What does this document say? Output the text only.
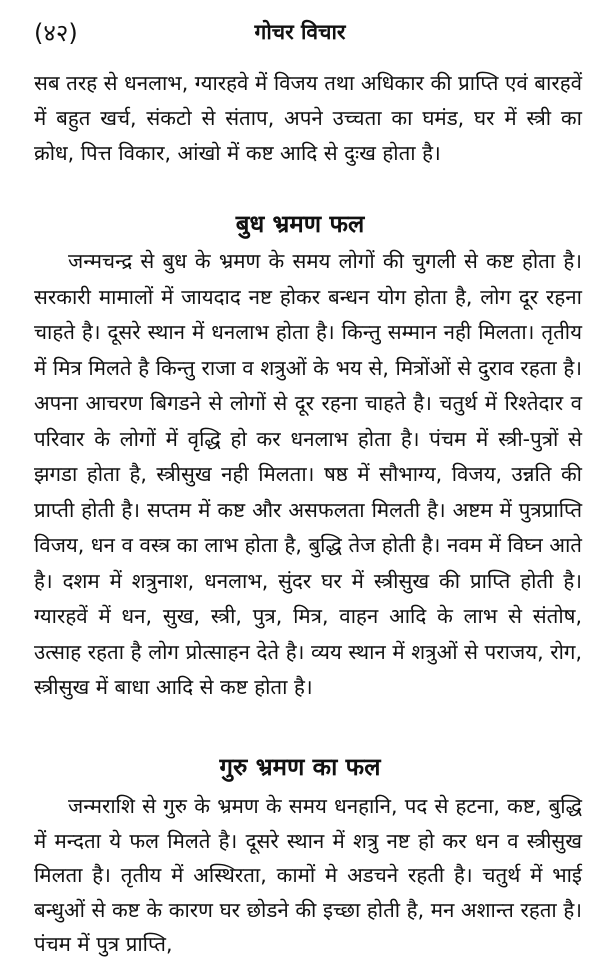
(४२)	गोचर विचार

सब तरह से धनलाभ, ग्यारहवे में विजय तथा अधिकार की प्राप्ति एवं बारहवें में बहुत खर्च, संकटो से संताप, अपने उच्चता का घमंड, घर में स्त्री का क्रोध, पित्त विकार, आंखो में कष्ट आदि से दुःख होता है।

बुध भ्रमण फल

जन्मचन्द्र से बुध के भ्रमण के समय लोगों की चुगली से कष्ट होता है। सरकारी मामालों में जायदाद नष्ट होकर बन्धन योग होता है, लोग दूर रहना चाहते है। दूसरे स्थान में धनलाभ होता है। किन्तु सम्मान नही मिलता। तृतीय में मित्र मिलते है किन्तु राजा व शत्रुओं के भय से, मित्रोंओं से दुराव रहता है। अपना आचरण बिगडने से लोगों से दूर रहना चाहते है। चतुर्थ में रिश्तेदार व परिवार के लोगों में वृद्धि हो कर धनलाभ होता है। पंचम में स्त्री-पुत्रों से झगडा होता है, स्त्रीसुख नही मिलता। षष्ठ में सौभाग्य, विजय, उन्नति की प्राप्ती होती है। सप्तम में कष्ट और असफलता मिलती है। अष्टम में पुत्रप्राप्ति विजय, धन व वस्त्र का लाभ होता है, बुद्धि तेज होती है। नवम में विघ्न आते है। दशम में शत्रुनाश, धनलाभ, सुंदर घर में स्त्रीसुख की प्राप्ति होती है। ग्यारहवें में धन, सुख, स्त्री, पुत्र, मित्र, वाहन आदि के लाभ से संतोष, उत्साह रहता है लोग प्रोत्साहन देते है। व्यय स्थान में शत्रुओं से पराजय, रोग, स्त्रीसुख में बाधा आदि से कष्ट होता है।

गुरु भ्रमण का फल

जन्मराशि से गुरु के भ्रमण के समय धनहानि, पद से हटना, कष्ट, बुद्धि में मन्दता ये फल मिलते है। दूसरे स्थान में शत्रु नष्ट हो कर धन व स्त्रीसुख मिलता है। तृतीय में अस्थिरता, कामों मे अडचने रहती है। चतुर्थ में भाई बन्धुओं से कष्ट के कारण घर छोडने की इच्छा होती है, मन अशान्त रहता है। पंचम में पुत्र प्राप्ति,
